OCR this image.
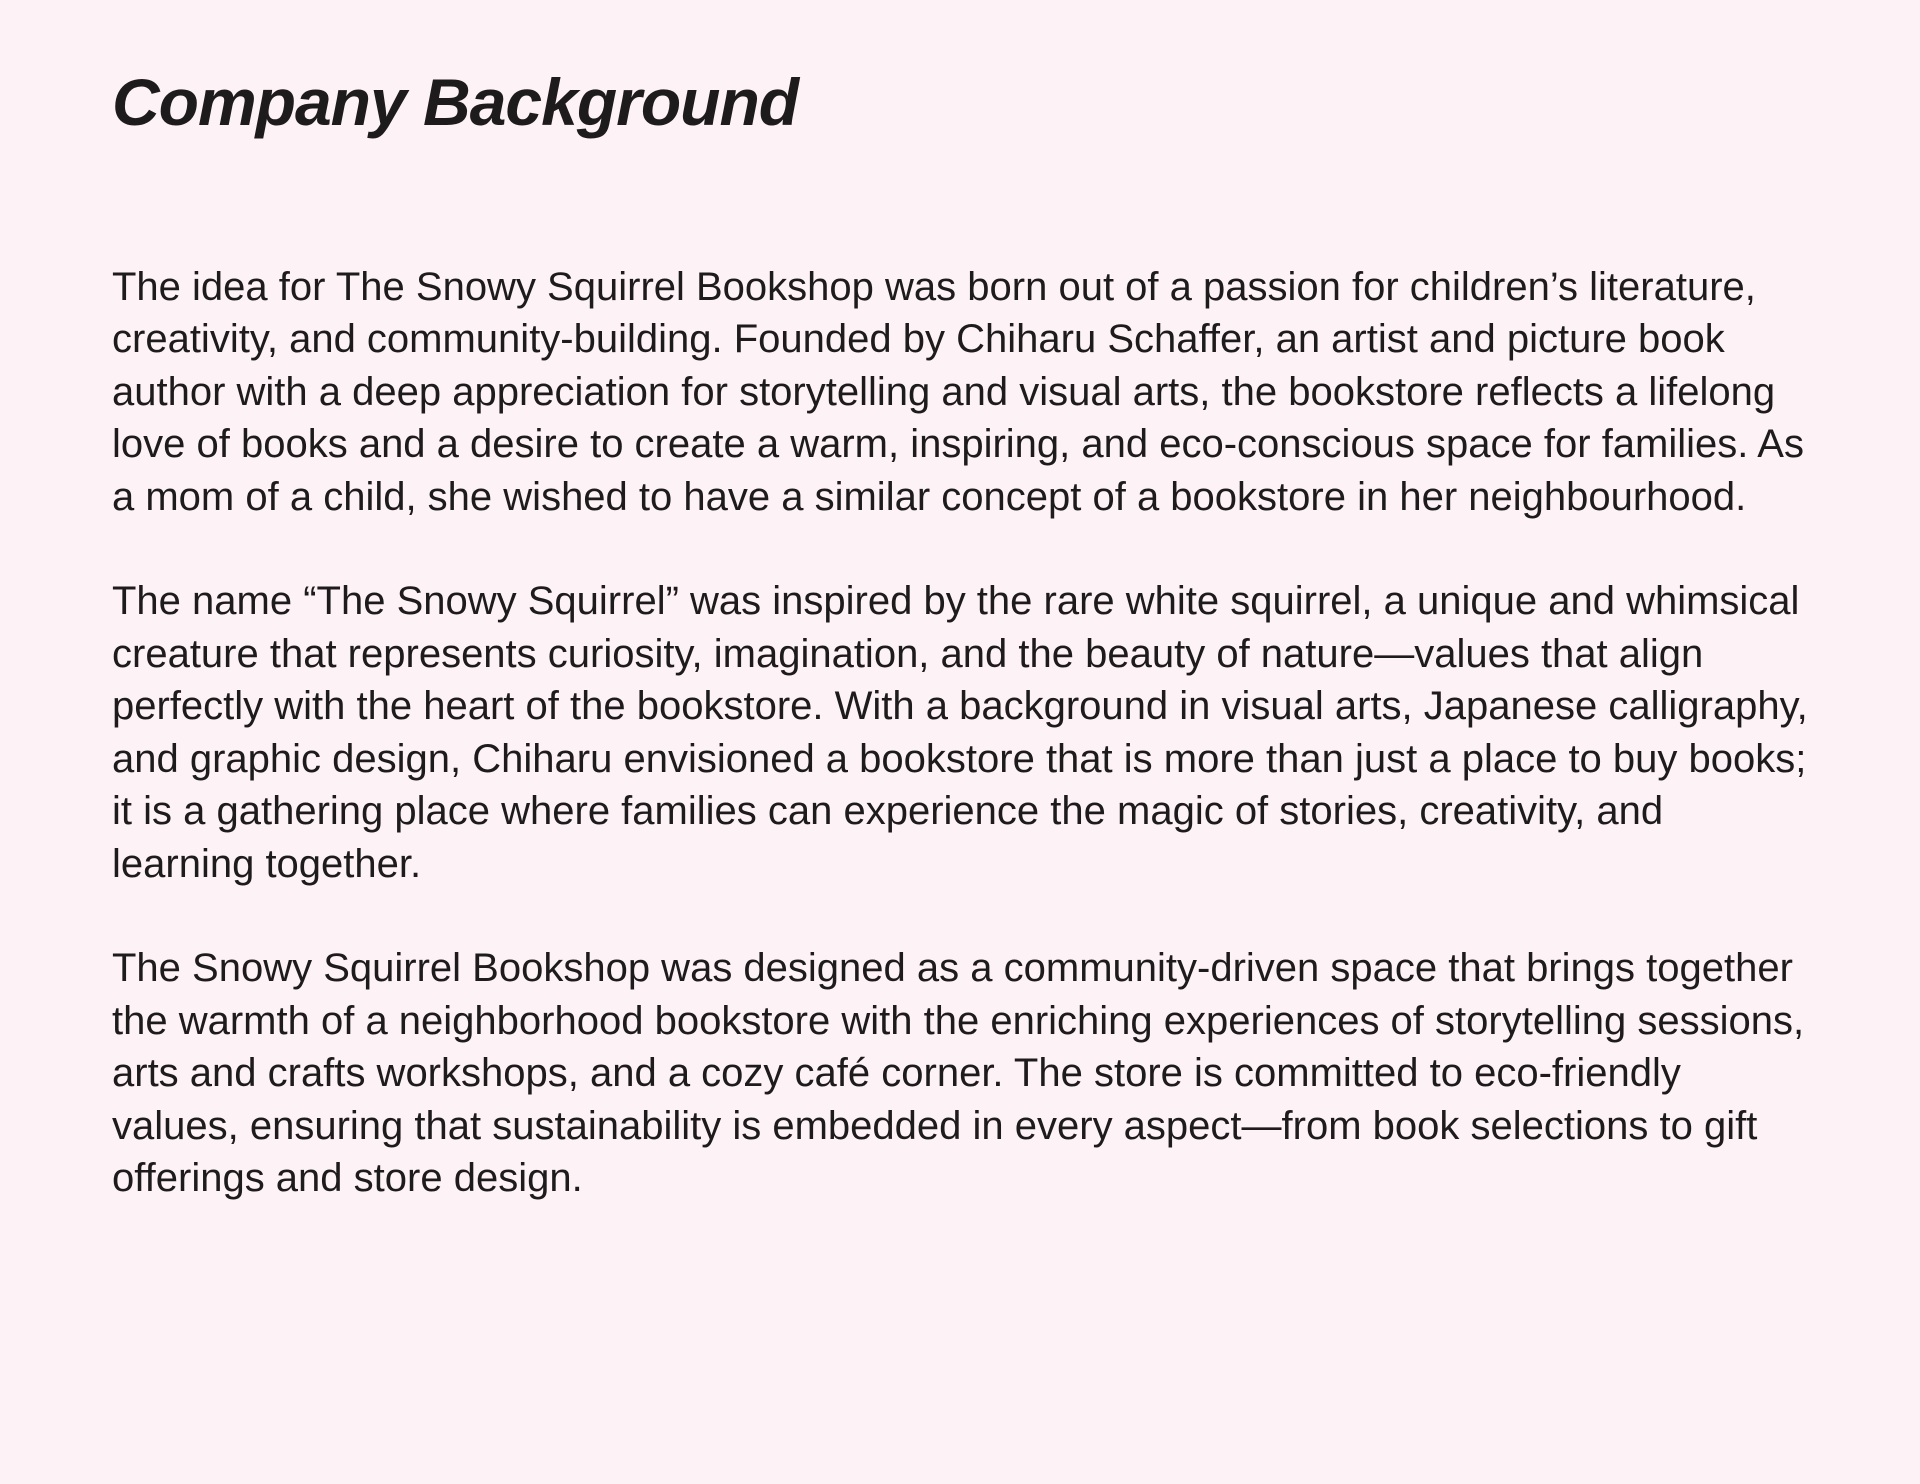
Company Background

The idea for The Snowy Squirrel Bookshop was born out of a passion for children’s literature, creativity, and community-building. Founded by Chiharu Schaffer, an artist and picture book author with a deep appreciation for storytelling and visual arts, the bookstore reflects a lifelong love of books and a desire to create a warm, inspiring, and eco-conscious space for families. As a mom of a child, she wished to have a similar concept of a bookstore in her neighbourhood.

The name “The Snowy Squirrel” was inspired by the rare white squirrel, a unique and whimsical creature that represents curiosity, imagination, and the beauty of nature—values that align perfectly with the heart of the bookstore. With a background in visual arts, Japanese calligraphy, and graphic design, Chiharu envisioned a bookstore that is more than just a place to buy books; it is a gathering place where families can experience the magic of stories, creativity, and learning together.

The Snowy Squirrel Bookshop was designed as a community-driven space that brings together the warmth of a neighborhood bookstore with the enriching experiences of storytelling sessions, arts and crafts workshops, and a cozy café corner. The store is committed to eco-friendly values, ensuring that sustainability is embedded in every aspect—from book selections to gift offerings and store design.
